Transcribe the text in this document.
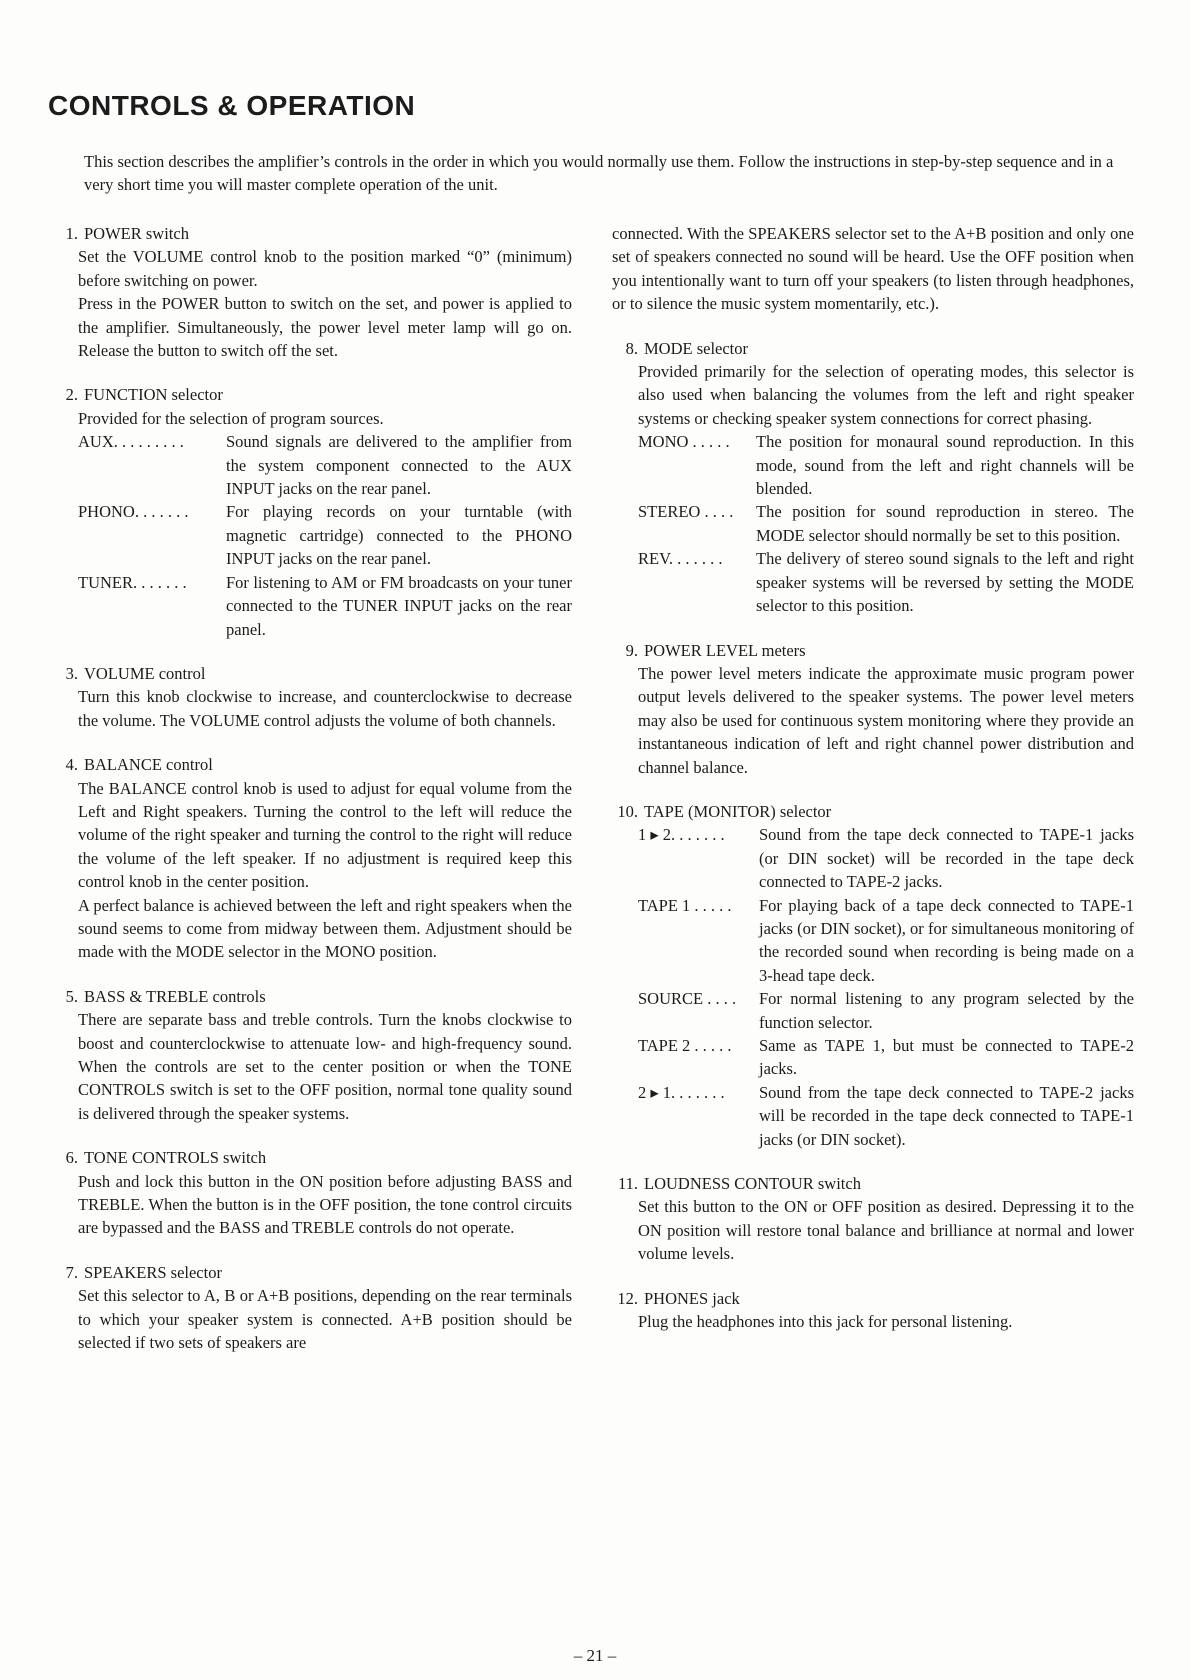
CONTROLS & OPERATION

This section describes the amplifier’s controls in the order in which you would normally use them. Follow the instructions in step-by-step sequence and in a very short time you will master complete operation of the unit.

1. POWER switch

Set the VOLUME control knob to the position marked “0” (minimum) before switching on power.

Press in the POWER button to switch on the set, and power is applied to the amplifier. Simultaneously, the power level meter lamp will go on. Release the button to switch off the set.

2. FUNCTION selector

Provided for the selection of program sources.

AUX. . . . . . . . .	Sound signals are delivered to the amplifier from the system component connected to the AUX INPUT jacks on the rear panel.
PHONO. . . . . . .	For playing records on your turntable (with magnetic cartridge) connected to the PHONO INPUT jacks on the rear panel.
TUNER. . . . . . .	For listening to AM or FM broadcasts on your tuner connected to the TUNER INPUT jacks on the rear panel.
3. VOLUME control

Turn this knob clockwise to increase, and counterclockwise to decrease the volume. The VOLUME control adjusts the volume of both channels.

4. BALANCE control

The BALANCE control knob is used to adjust for equal volume from the Left and Right speakers. Turning the control to the left will reduce the volume of the right speaker and turning the control to the right will reduce the volume of the left speaker. If no adjustment is required keep this control knob in the center position.

A perfect balance is achieved between the left and right speakers when the sound seems to come from midway between them. Adjustment should be made with the MODE selector in the MONO position.

5. BASS & TREBLE controls

There are separate bass and treble controls. Turn the knobs clockwise to boost and counterclockwise to attenuate low- and high-frequency sound. When the controls are set to the center position or when the TONE CONTROLS switch is set to the OFF position, normal tone quality sound is delivered through the speaker systems.

6. TONE CONTROLS switch

Push and lock this button in the ON position before adjusting BASS and TREBLE. When the button is in the OFF position, the tone control circuits are bypassed and the BASS and TREBLE controls do not operate.

7. SPEAKERS selector

Set this selector to A, B or A+B positions, depending on the rear terminals to which your speaker system is connected. A+B position should be selected if two sets of speakers are

connected. With the SPEAKERS selector set to the A+B position and only one set of speakers connected no sound will be heard. Use the OFF position when you intentionally want to turn off your speakers (to listen through headphones, or to silence the music system momentarily, etc.).

8. MODE selector

Provided primarily for the selection of operating modes, this selector is also used when balancing the volumes from the left and right speaker systems or checking speaker system connections for correct phasing.

MONO . . . . .	The position for monaural sound reproduction. In this mode, sound from the left and right channels will be blended.
STEREO . . . .	The position for sound reproduction in stereo. The MODE selector should normally be set to this position.
REV. . . . . . .	The delivery of stereo sound signals to the left and right speaker systems will be reversed by setting the MODE selector to this position.
9. POWER LEVEL meters

The power level meters indicate the approximate music program power output levels delivered to the speaker systems. The power level meters may also be used for continuous system monitoring where they provide an instantaneous indication of left and right channel power distribution and channel balance.

10. TAPE (MONITOR) selector
1 ▸ 2. . . . . . .	Sound from the tape deck connected to TAPE-1 jacks (or DIN socket) will be recorded in the tape deck connected to TAPE-2 jacks.
TAPE 1 . . . . .	For playing back of a tape deck connected to TAPE-1 jacks (or DIN socket), or for simultaneous monitoring of the recorded sound when recording is being made on a 3-head tape deck.
SOURCE . . . .	For normal listening to any program selected by the function selector.
TAPE 2 . . . . .	Same as TAPE 1, but must be connected to TAPE-2 jacks.
2 ▸ 1. . . . . . .	Sound from the tape deck connected to TAPE-2 jacks will be recorded in the tape deck connected to TAPE-1 jacks (or DIN socket).
11. LOUDNESS CONTOUR switch

Set this button to the ON or OFF position as desired. Depressing it to the ON position will restore tonal balance and brilliance at normal and lower volume levels.

12. PHONES jack

Plug the headphones into this jack for personal listening.

– 21 –
